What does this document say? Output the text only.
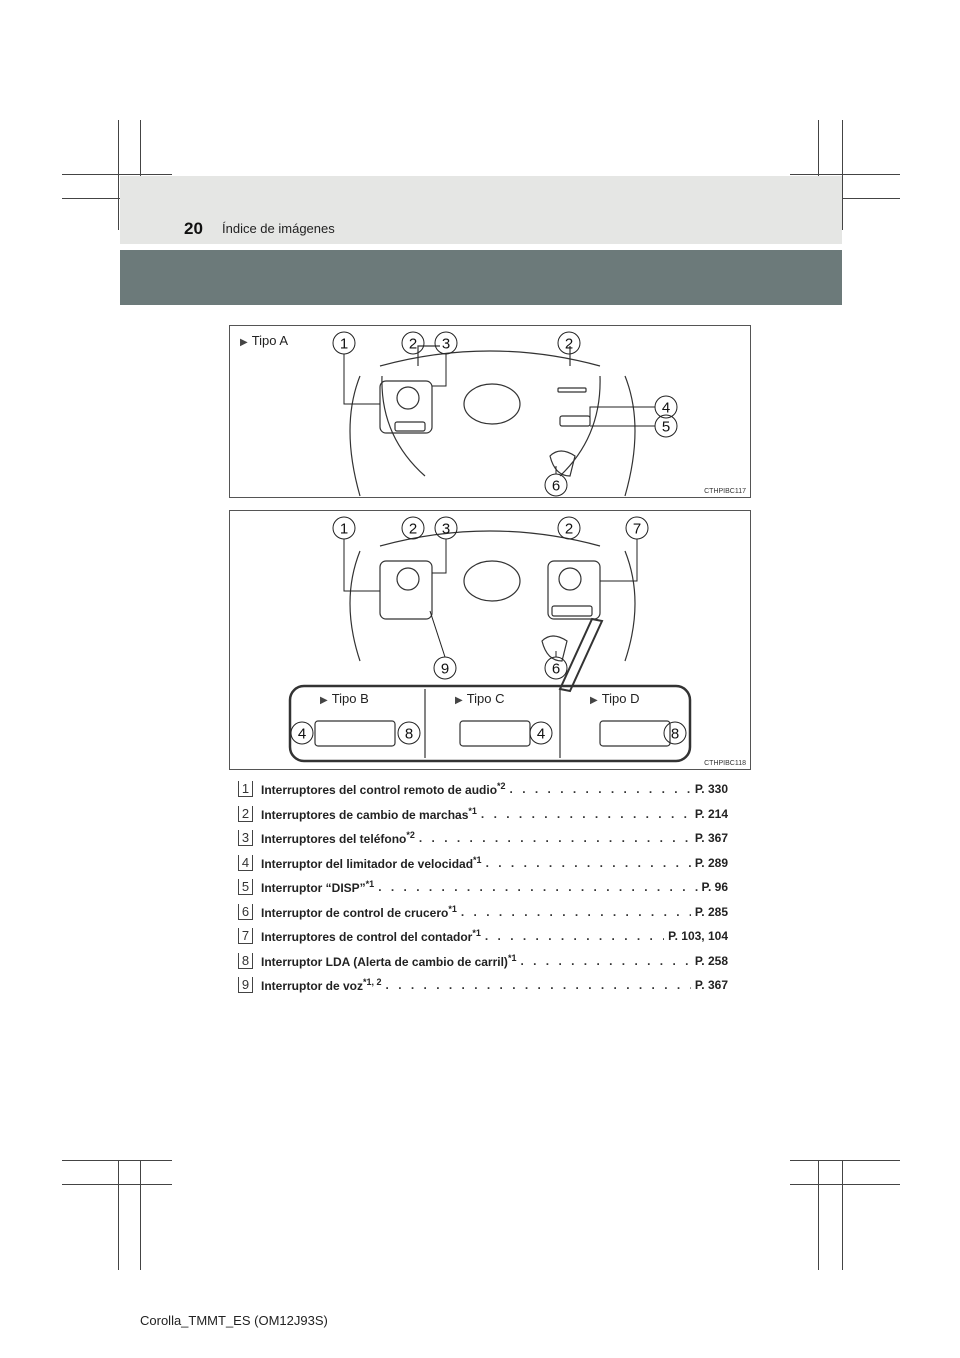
20 Índice de imágenes
▶ Tipo A	1	2 3	2
4
5
6	CTHPIBC117
1	2 3	2	7
9	6
4	8	4	8
▶ Tipo B	▶ Tipo C	▶ Tipo D
CTHPIBC118
1 Interruptores del control remoto de audio$^{*2}$ . . .	P. 330
2 Interruptores de cambio de marchas$^{*1}$ . . .	P. 214
3 Interruptores del teléfono$^{*2}$ . . .	P. 367
4 Interruptor del limitador de velocidad$^{*1}$ . . .	P. 289
5 Interruptor “DISP”$^{*1}$ . . .	P. 96
6 Interruptor de control de crucero$^{*1}$ . . .	P. 285
7 Interruptores de control del contador$^{*1}$ . . .	P. 103, 104
8 Interruptor LDA (Alerta de cambio de carril)$^{*1}$ . . .	P. 258
9 Interruptor de voz$^{*1, 2}$ . . .	P. 367
Corolla_TMMT_ES (OM12J93S)
